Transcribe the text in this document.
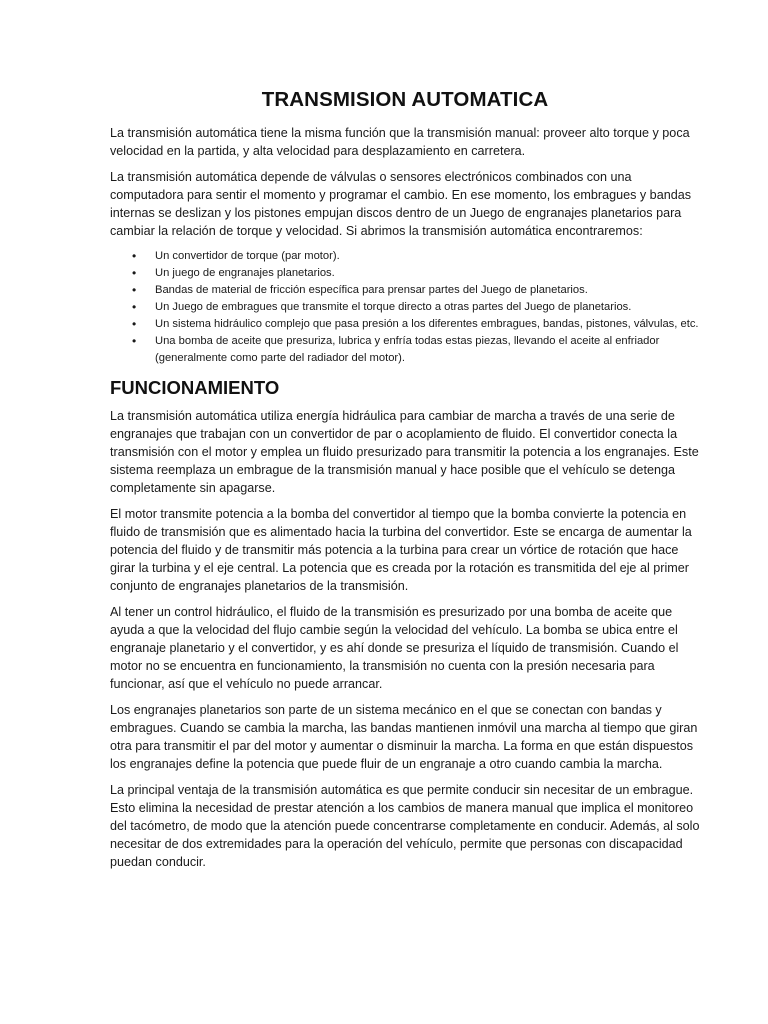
TRANSMISION AUTOMATICA

La transmisión automática tiene la misma función que la transmisión manual: proveer alto torque y poca velocidad en la partida, y alta velocidad para desplazamiento en carretera.

La transmisión automática depende de válvulas o sensores electrónicos combinados con una computadora para sentir el momento y programar el cambio. En ese momento, los embragues y bandas internas se deslizan y los pistones empujan discos dentro de un Juego de engranajes planetarios para cambiar la relación de torque y velocidad. Si abrimos la transmisión automática encontraremos:

• Un convertidor de torque (par motor).
• Un juego de engranajes planetarios.
• Bandas de material de fricción específica para prensar partes del Juego de planetarios.
• Un Juego de embragues que transmite el torque directo a otras partes del Juego de planetarios.
• Un sistema hidráulico complejo que pasa presión a los diferentes embragues, bandas, pistones, válvulas, etc.
• Una bomba de aceite que presuriza, lubrica y enfría todas estas piezas, llevando el aceite al enfriador (generalmente como parte del radiador del motor).
FUNCIONAMIENTO

La transmisión automática utiliza energía hidráulica para cambiar de marcha a través de una serie de engranajes que trabajan con un convertidor de par o acoplamiento de fluido. El convertidor conecta la transmisión con el motor y emplea un fluido presurizado para transmitir la potencia a los engranajes. Este sistema reemplaza un embrague de la transmisión manual y hace posible que el vehículo se detenga completamente sin apagarse.

El motor transmite potencia a la bomba del convertidor al tiempo que la bomba convierte la potencia en fluido de transmisión que es alimentado hacia la turbina del convertidor. Este se encarga de aumentar la potencia del fluido y de transmitir más potencia a la turbina para crear un vórtice de rotación que hace girar la turbina y el eje central. La potencia que es creada por la rotación es transmitida del eje al primer conjunto de engranajes planetarios de la transmisión.

Al tener un control hidráulico, el fluido de la transmisión es presurizado por una bomba de aceite que ayuda a que la velocidad del flujo cambie según la velocidad del vehículo. La bomba se ubica entre el engranaje planetario y el convertidor, y es ahí donde se presuriza el líquido de transmisión. Cuando el motor no se encuentra en funcionamiento, la transmisión no cuenta con la presión necesaria para funcionar, así que el vehículo no puede arrancar.

Los engranajes planetarios son parte de un sistema mecánico en el que se conectan con bandas y embragues. Cuando se cambia la marcha, las bandas mantienen inmóvil una marcha al tiempo que giran otra para transmitir el par del motor y aumentar o disminuir la marcha. La forma en que están dispuestos los engranajes define la potencia que puede fluir de un engranaje a otro cuando cambia la marcha.

La principal ventaja de la transmisión automática es que permite conducir sin necesitar de un embrague. Esto elimina la necesidad de prestar atención a los cambios de manera manual que implica el monitoreo del tacómetro, de modo que la atención puede concentrarse completamente en conducir. Además, al solo necesitar de dos extremidades para la operación del vehículo, permite que personas con discapacidad puedan conducir.
